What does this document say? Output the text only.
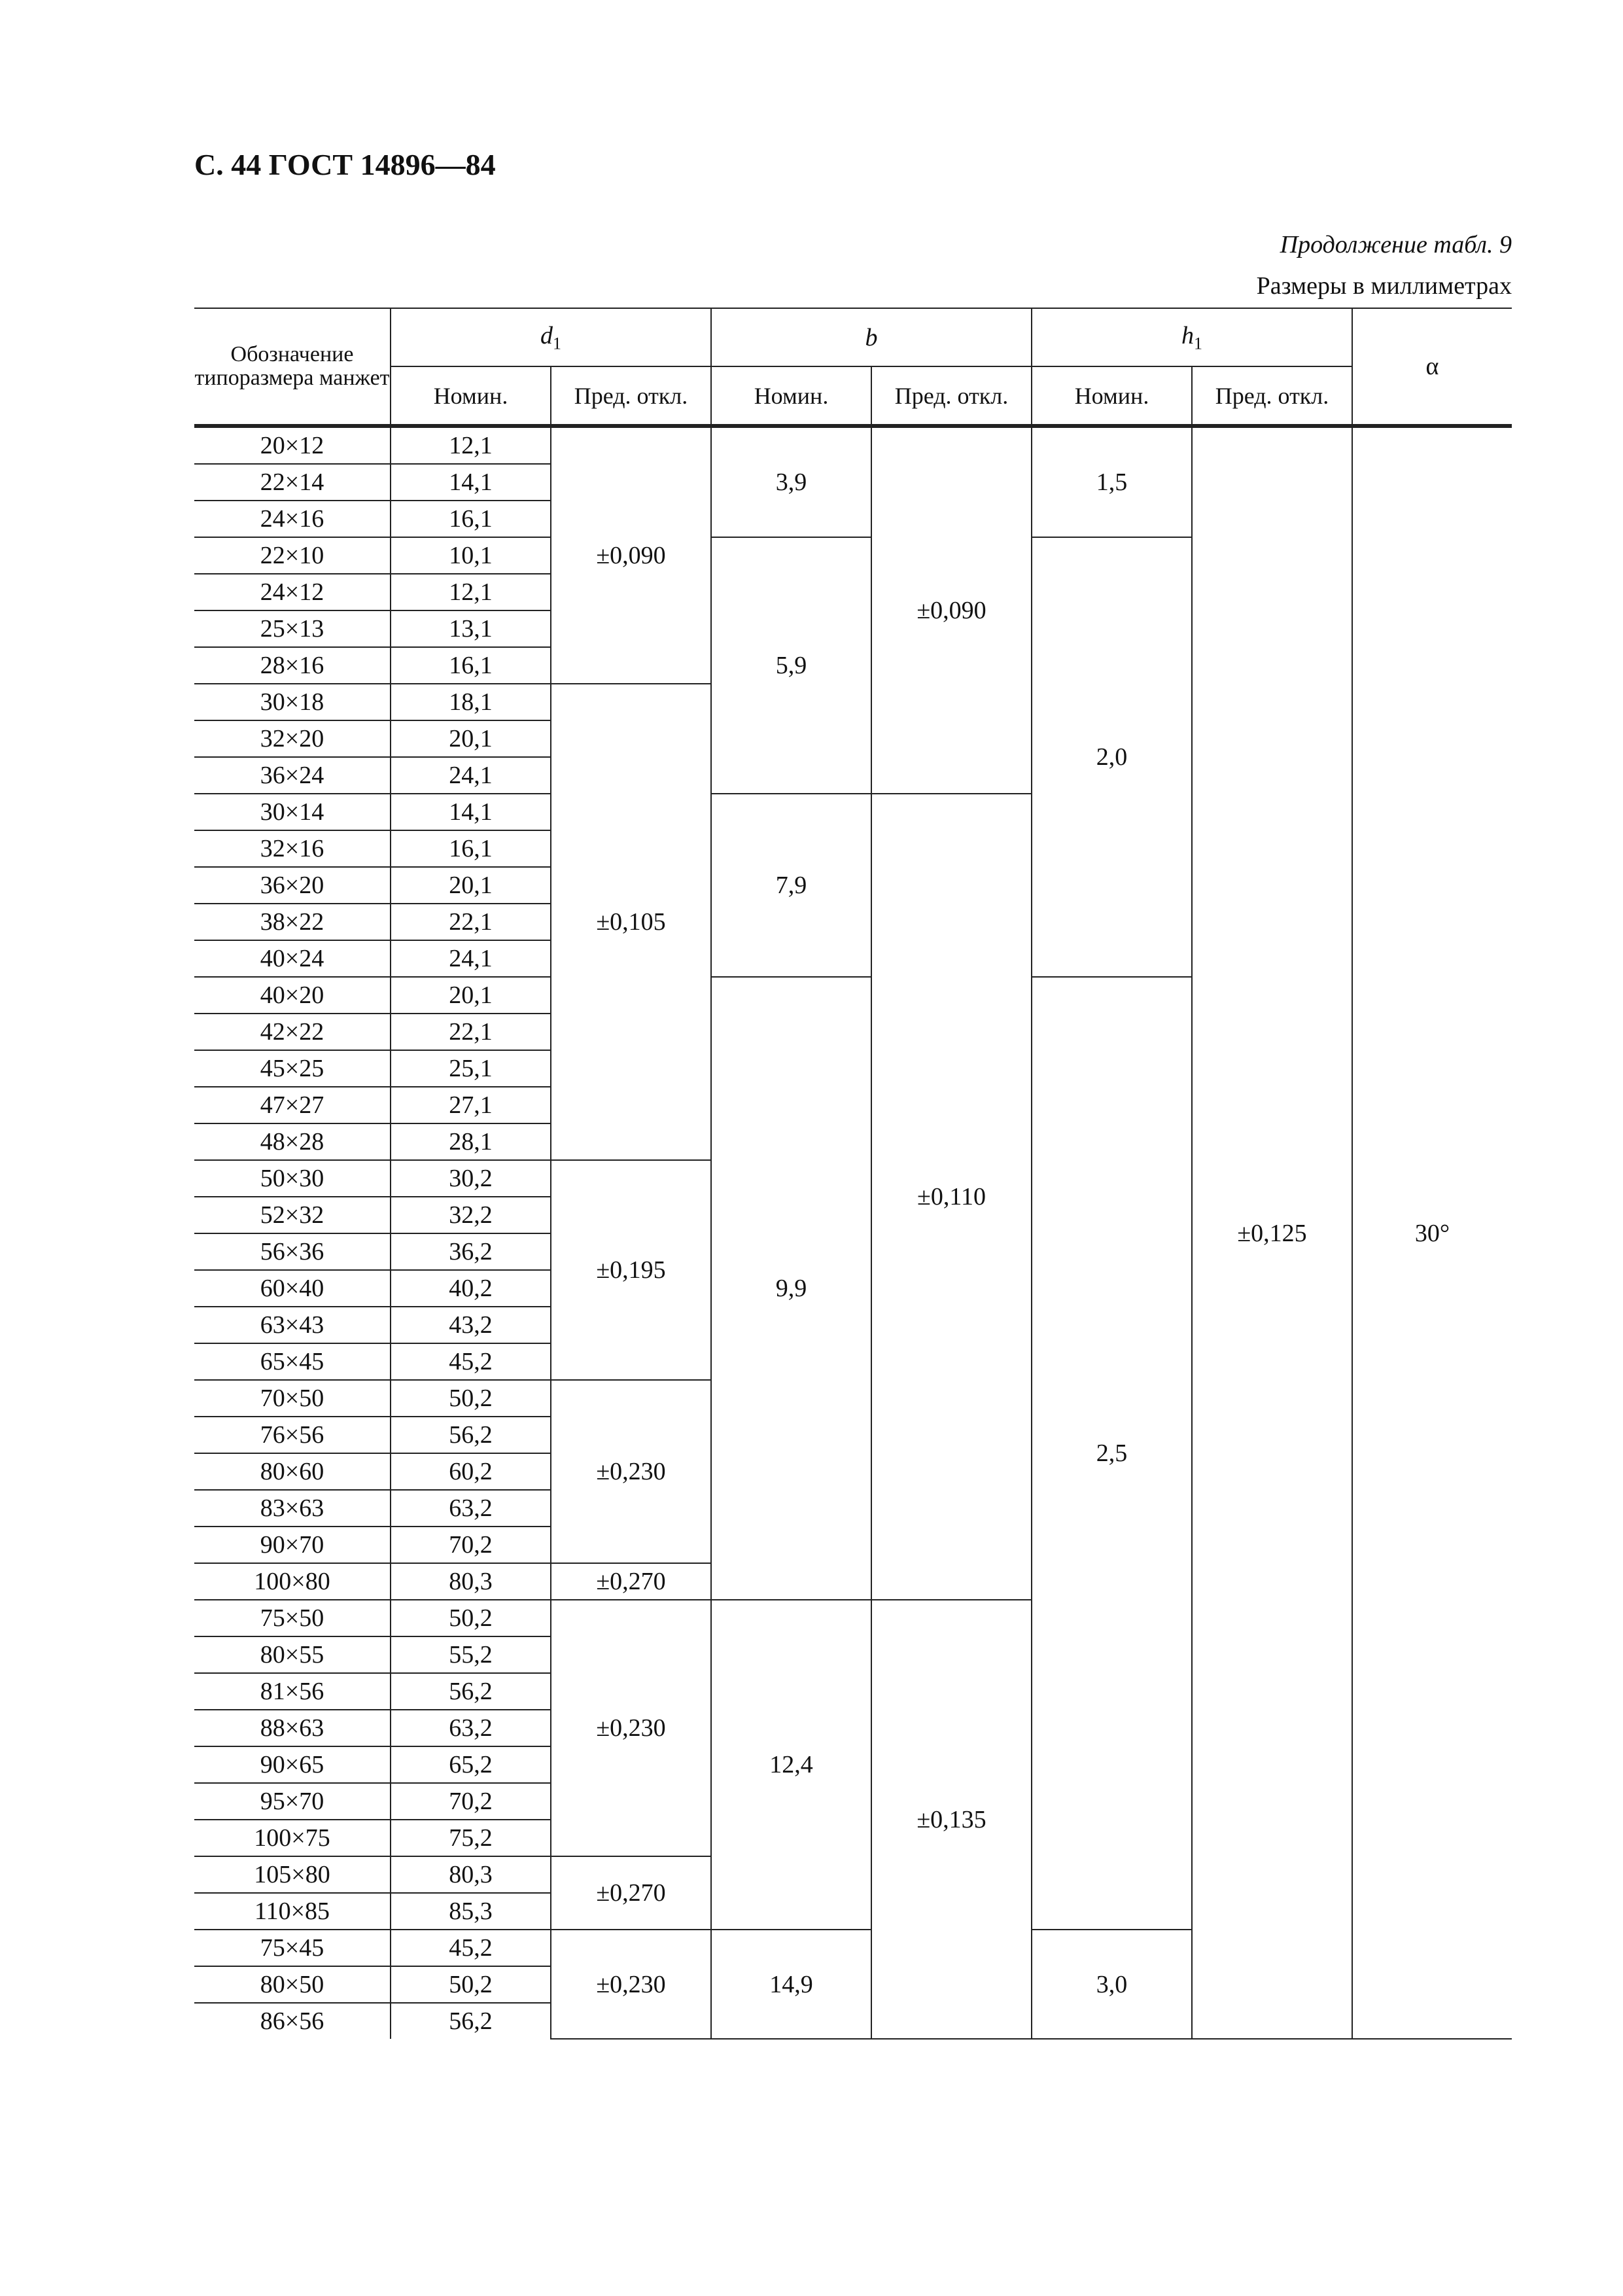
С. 44 ГОСТ 14896—84
Продолжение табл. 9
Размеры в миллиметрах
Обозначение типоразмера манжет	$d_1$		b		$h_1$		α
	Номин.	Пред. откл.	Номин.	Пред. откл.	Номин.	Пред. откл.	
20×12	12,1	±0,090	3,9	±0,090	1,5	±0,125	30°
22×14	14,1						
24×16	16,1						
22×10	10,1		5,9		2,0		
24×12	12,1						
25×13	13,1						
28×16	16,1						
30×18	18,1	±0,105					
32×20	20,1						
36×24	24,1						
30×14	14,1		7,9	±0,110			
32×16	16,1						
36×20	20,1						
38×22	22,1						
40×24	24,1						
40×20	20,1		9,9		2,5		
42×22	22,1						
45×25	25,1						
47×27	27,1						
48×28	28,1						
50×30	30,2	±0,195					
52×32	32,2						
56×36	36,2						
60×40	40,2						
63×43	43,2						
65×45	45,2						
70×50	50,2	±0,230					
76×56	56,2						
80×60	60,2						
83×63	63,2						
90×70	70,2						
100×80	80,3	±0,270					
75×50	50,2	±0,230	12,4	±0,135			
80×55	55,2						
81×56	56,2						
88×63	63,2						
90×65	65,2						
95×70	70,2						
100×75	75,2						
105×80	80,3	±0,270					
110×85	85,3						
75×45	45,2	±0,230	14,9		3,0		
80×50	50,2						
86×56	56,2						
